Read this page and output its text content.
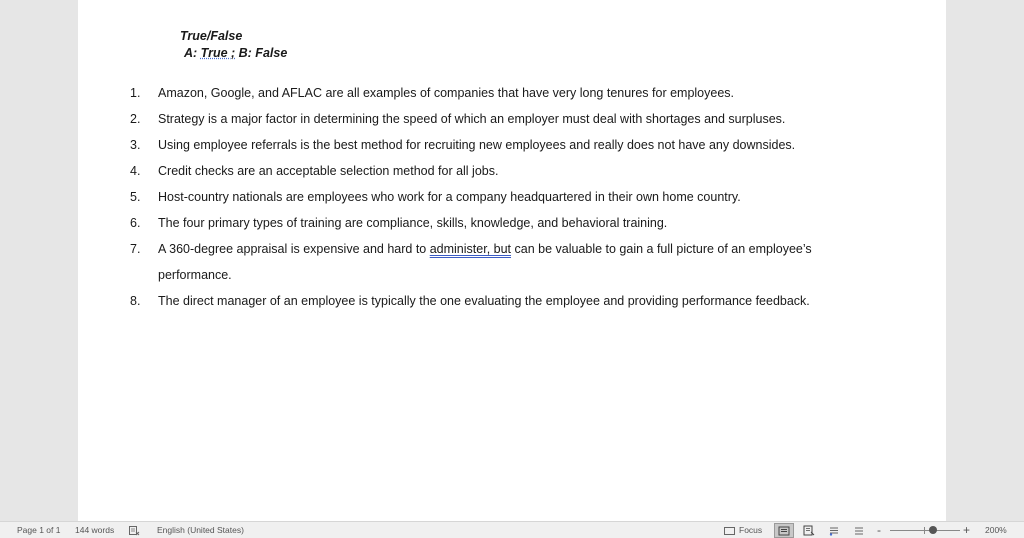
True/False
A: True ; B: False
1.	Amazon, Google, and AFLAC are all examples of companies that have very long tenures for employees.
2.	Strategy is a major factor in determining the speed of which an employer must deal with shortages and surpluses.
3.	Using employee referrals is the best method for recruiting new employees and really does not have any downsides.
4.	Credit checks are an acceptable selection method for all jobs.
5.	Host-country nationals are employees who work for a company headquartered in their own home country.
6.	The four primary types of training are compliance, skills, knowledge, and behavioral training.
7.	A 360-degree appraisal is expensive and hard to administer, but can be valuable to gain a full picture of an employee’s
performance.
8.	The direct manager of an employee is typically the one evaluating the employee and providing performance feedback.
Page 1 of 1 144 words	English (United States)	Focus	-	+ 200%
